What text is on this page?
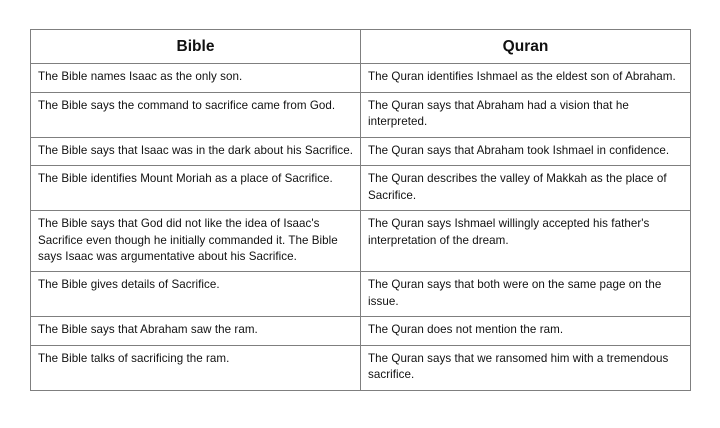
Bible	Quran
The Bible names Isaac as the only son.	The Quran identifies Ishmael as the eldest son of Abraham.
The Bible says the command to sacrifice came from God.	The Quran says that Abraham had a vision that he interpreted.
The Bible says that Isaac was in the dark about his Sacrifice.	The Quran says that Abraham took Ishmael in confidence.
The Bible identifies Mount Moriah as a place of Sacrifice.	The Quran describes the valley of Makkah as the place of Sacrifice.
The Bible says that God did not like the idea of Isaac's Sacrifice even though he initially commanded it. The Bible says Isaac was argumentative about his Sacrifice.	The Quran says Ishmael willingly accepted his father's interpretation of the dream.
The Bible gives details of Sacrifice.	The Quran says that both were on the same page on the issue.
The Bible says that Abraham saw the ram.	The Quran does not mention the ram.
The Bible talks of sacrificing the ram.	The Quran says that we ransomed him with a tremendous sacrifice.
